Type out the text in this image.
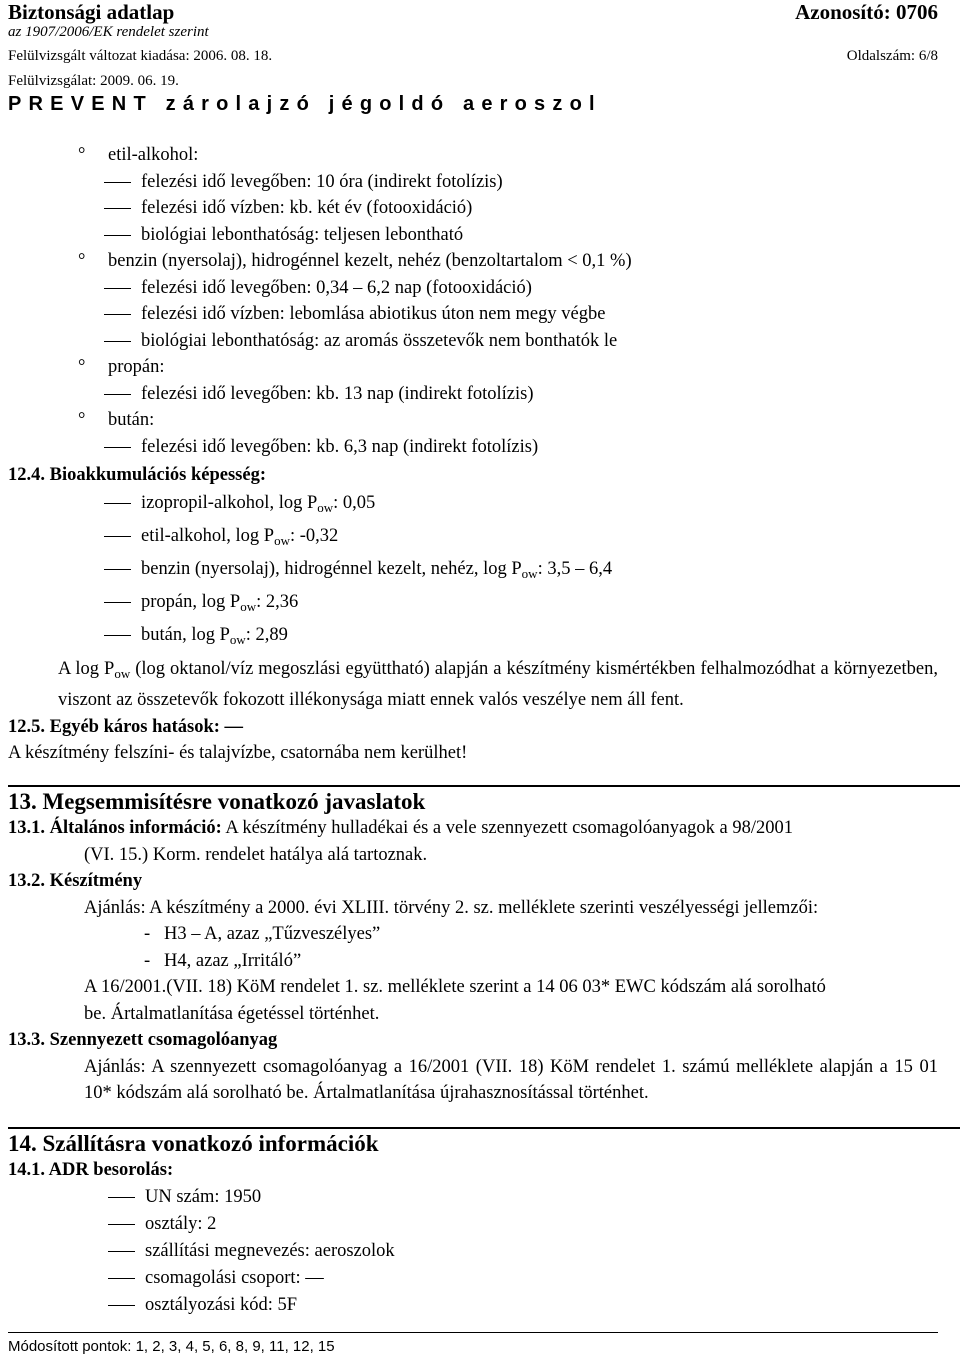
Biztonsági adatlap	Azonosító: 0706
az 1907/2006/EK rendelet szerint
Felülvizsgált változat kiadása: 2006. 08. 18.	Oldalszám: 6/8
Felülvizsgálat: 2009. 06. 19.
PREVENT zárolajzó jégoldó aeroszol
° etil-alkohol:
felezési idő levegőben: 10 óra (indirekt fotolízis)
felezési idő vízben: kb. két év (fotooxidáció)
biológiai lebonthatóság: teljesen lebontható
° benzin (nyersolaj), hidrogénnel kezelt, nehéz (benzoltartalom < 0,1 %)
felezési idő levegőben: 0,34 – 6,2 nap (fotooxidáció)
felezési idő vízben: lebomlása abiotikus úton nem megy végbe
biológiai lebonthatóság: az aromás összetevők nem bonthatók le
° propán:
felezési idő levegőben: kb. 13 nap (indirekt fotolízis)
° bután:
felezési idő levegőben: kb. 6,3 nap (indirekt fotolízis)
12.4. Bioakkumulációs képesség:
izopropil-alkohol, $\log P_{ow}$: 0,05
etil-alkohol, $\log P_{ow}$: -0,32
benzin (nyersolaj), hidrogénnel kezelt, nehéz, $\log P_{ow}$: 3,5 – 6,4
propán, $\log P_{ow}$: 2,36
bután, $\log P_{ow}$: 2,89
A $\log P_{ow}$ (log oktanol/víz megoszlási együttható) alapján a készítmény kismértékben felhalmozódhat a környezetben, viszont az összetevők fokozott illékonysága miatt ennek valós veszélye nem áll fent.
12.5. Egyéb káros hatások: —
A készítmény felszíni- és talajvízbe, csatornába nem kerülhet!
13. Megsemmisítésre vonatkozó javaslatok
13.1. Általános információ: A készítmény hulladékai és a vele szennyezett csomagolóanyagok a 98/2001
(VI. 15.) Korm. rendelet hatálya alá tartoznak.
13.2. Készítmény
Ajánlás: A készítmény a 2000. évi XLIII. törvény 2. sz. melléklete szerinti veszélyességi jellemzői:
-   H3 – A, azaz „Tűzveszélyes”
-   H4, azaz „Irritáló”
A 16/2001.(VII. 18) KöM rendelet 1. sz. melléklete szerint a 14 06 03* EWC kódszám alá sorolható
be. Ártalmatlanítása égetéssel történhet.
13.3. Szennyezett csomagolóanyag
Ajánlás: A szennyezett csomagolóanyag a 16/2001 (VII. 18) KöM rendelet 1. számú melléklete alapján a 15 01 10* kódszám alá sorolható be. Ártalmatlanítása újrahasznosítással történhet.
14. Szállításra vonatkozó információk
14.1. ADR besorolás:
UN szám: 1950
osztály: 2
szállítási megnevezés: aeroszolok
csomagolási csoport: —
osztályozási kód: 5F
Módosított pontok: 1, 2, 3, 4, 5, 6, 8, 9, 11, 12, 15
